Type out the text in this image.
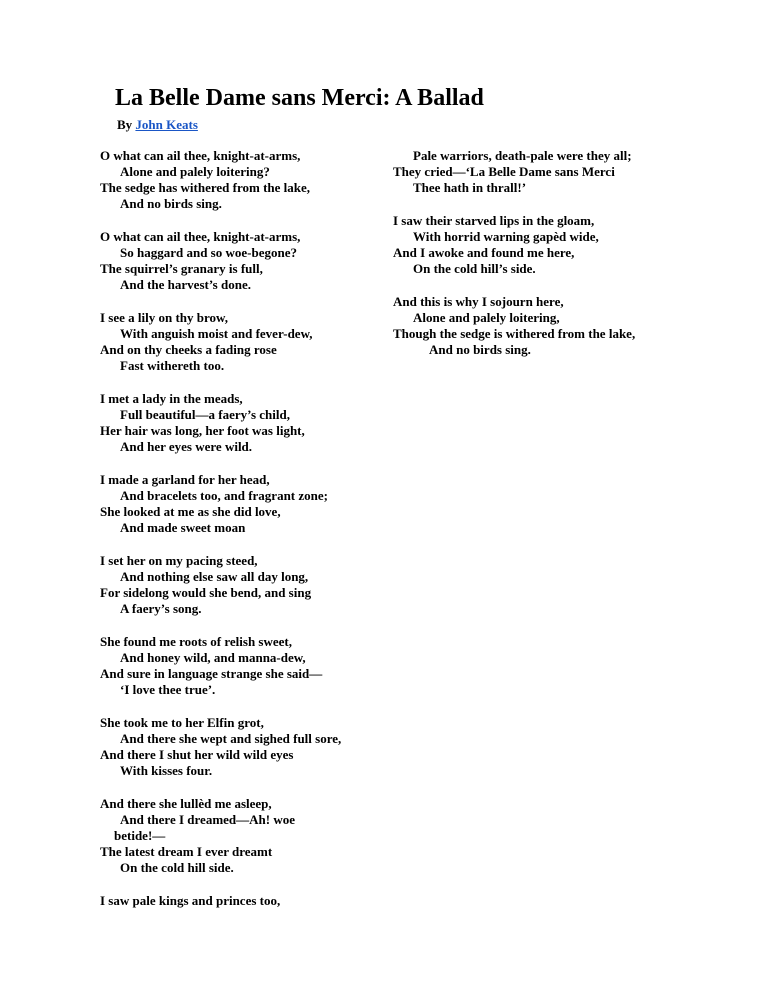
La Belle Dame sans Merci: A Ballad
By John Keats
O what can ail thee, knight-at-arms,
Alone and palely loitering?
The sedge has withered from the lake,
And no birds sing.
O what can ail thee, knight-at-arms,
So haggard and so woe-begone?
The squirrel’s granary is full,
And the harvest’s done.
I see a lily on thy brow,
With anguish moist and fever-dew,
And on thy cheeks a fading rose
Fast withereth too.
I met a lady in the meads,
Full beautiful—a faery’s child,
Her hair was long, her foot was light,
And her eyes were wild.
I made a garland for her head,
And bracelets too, and fragrant zone;
She looked at me as she did love,
And made sweet moan
I set her on my pacing steed,
And nothing else saw all day long,
For sidelong would she bend, and sing
A faery’s song.
She found me roots of relish sweet,
And honey wild, and manna-dew,
And sure in language strange she said—
‘I love thee true’.
She took me to her Elfin grot,
And there she wept and sighed full sore,
And there I shut her wild wild eyes
With kisses four.
And there she lullèd me asleep,
And there I dreamed—Ah! woe
betide!—
The latest dream I ever dreamt
On the cold hill side.
I saw pale kings and princes too,
Pale warriors, death-pale were they all;
They cried—‘La Belle Dame sans Merci
Thee hath in thrall!’
I saw their starved lips in the gloam,
With horrid warning gapèd wide,
And I awoke and found me here,
On the cold hill’s side.
And this is why I sojourn here,
Alone and palely loitering,
Though the sedge is withered from the lake,
And no birds sing.
